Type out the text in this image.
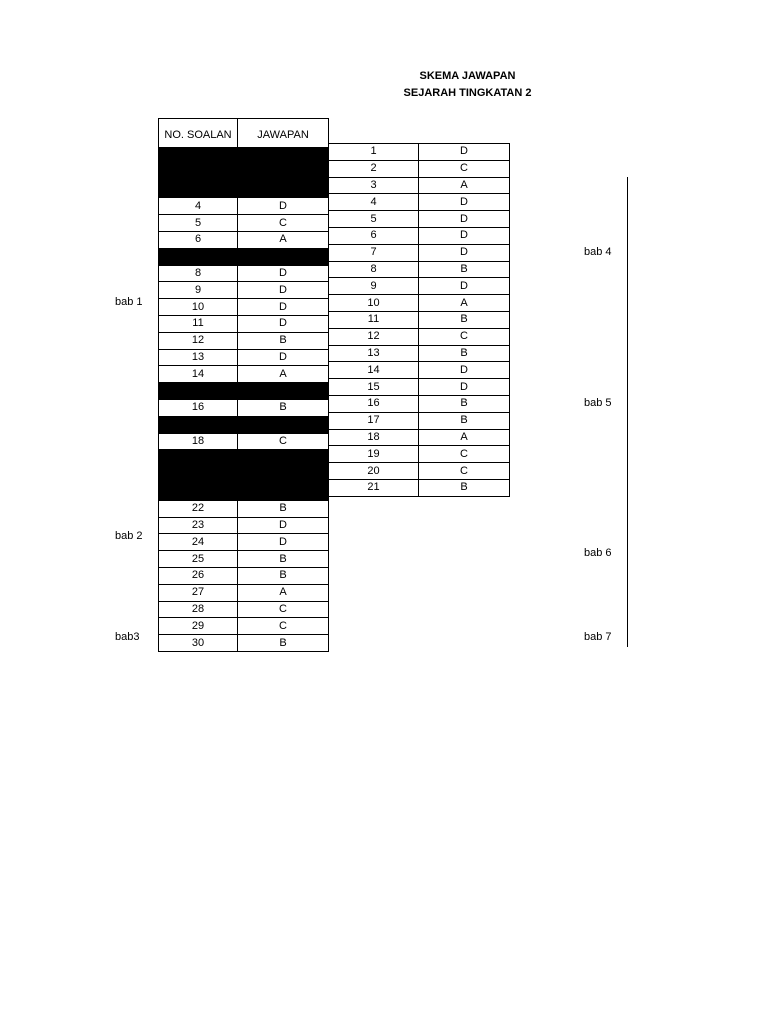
SKEMA JAWAPAN
SEJARAH TINGKATAN 2
NO. SOALAN	JAWAPAN

4	D
5	C
6	A

8	D
9	D
10	D
11	D
12	B
13	D
14	A

16	B

18	C

22	B
23	D
24	D
25	B
26	B
27	A
28	C
29	C
30	B
1	D
2	C
3	A
4	D
5	D
6	D
7	D
8	B
9	D
10	A
11	B
12	C
13	B
14	D
15	D
16	B
17	B
18	A
19	C
20	C
21	B
bab 1
bab 2
bab3
bab 4
bab 5
bab 6
bab 7
